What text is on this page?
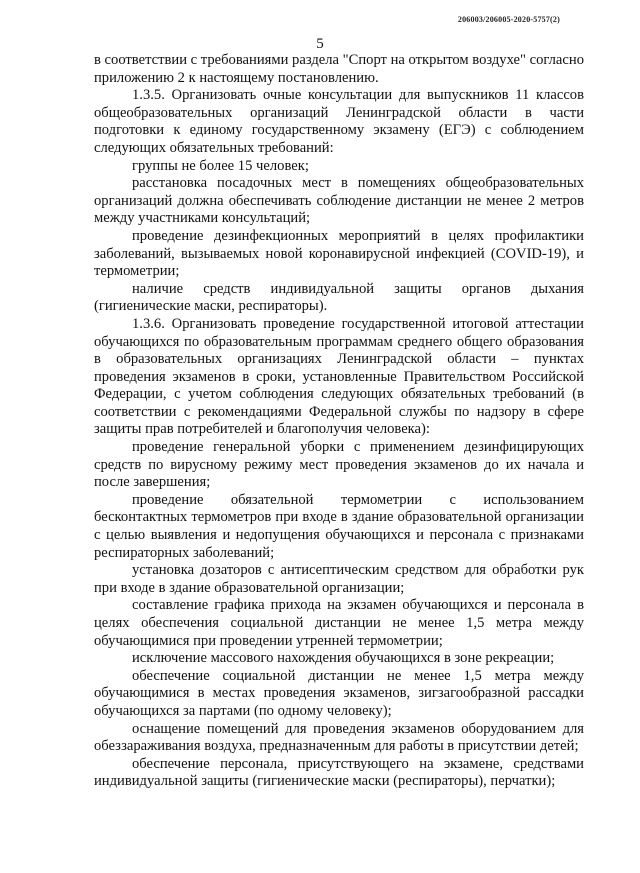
206003/206005-2020-5757(2)
5

в соответствии с требованиями раздела "Спорт на открытом воздухе" согласно приложению 2 к настоящему постановлению.

1.3.5. Организовать очные консультации для выпускников 11 классов общеобразовательных организаций Ленинградской области в части подготовки к единому государственному экзамену (ЕГЭ) с соблюдением следующих обязательных требований:

группы не более 15 человек;

расстановка посадочных мест в помещениях общеобразовательных организаций должна обеспечивать соблюдение дистанции не менее 2 метров между участниками консультаций;

проведение дезинфекционных мероприятий в целях профилактики заболеваний, вызываемых новой коронавирусной инфекцией (COVID-19), и термометрии;

наличие средств индивидуальной защиты органов дыхания (гигиенические маски, респираторы).

1.3.6. Организовать проведение государственной итоговой аттестации обучающихся по образовательным программам среднего общего образования в образовательных организациях Ленинградской области – пунктах проведения экзаменов в сроки, установленные Правительством Российской Федерации, с учетом соблюдения следующих обязательных требований (в соответствии с рекомендациями Федеральной службы по надзору в сфере защиты прав потребителей и благополучия человека):

проведение генеральной уборки с применением дезинфицирующих средств по вирусному режиму мест проведения экзаменов до их начала и после завершения;

проведение обязательной термометрии с использованием бесконтактных термометров при входе в здание образовательной организации с целью выявления и недопущения обучающихся и персонала с признаками респираторных заболеваний;

установка дозаторов с антисептическим средством для обработки рук при входе в здание образовательной организации;

составление графика прихода на экзамен обучающихся и персонала в целях обеспечения социальной дистанции не менее 1,5 метра между обучающимися при проведении утренней термометрии;

исключение массового нахождения обучающихся в зоне рекреации;

обеспечение социальной дистанции не менее 1,5 метра между обучающимися в местах проведения экзаменов, зигзагообразной рассадки обучающихся за партами (по одному человеку);

оснащение помещений для проведения экзаменов оборудованием для обеззараживания воздуха, предназначенным для работы в присутствии детей;

обеспечение персонала, присутствующего на экзамене, средствами индивидуальной защиты (гигиенические маски (респираторы), перчатки);
